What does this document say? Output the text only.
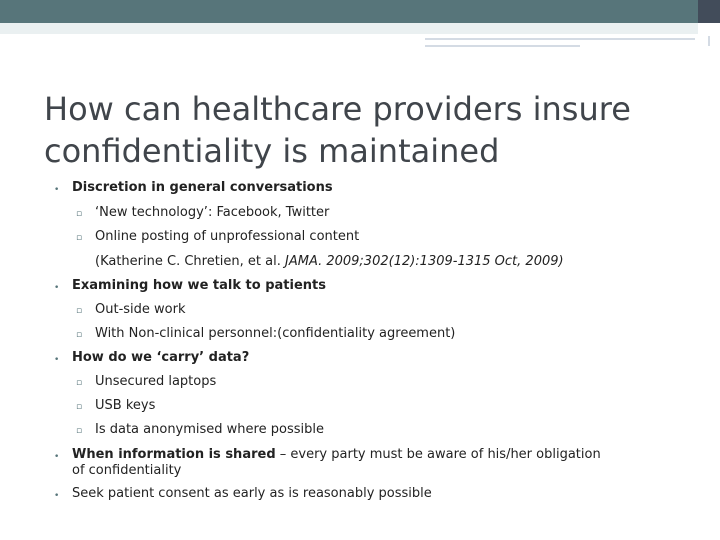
How can healthcare providers insure confidentiality is maintained
• Discretion in general conversations
▫ ‘New technology’: Facebook, Twitter
▫ Online posting of unprofessional content
(Katherine C. Chretien, et al. JAMA. 2009;302(12):1309-1315 Oct, 2009)
• Examining how we talk to patients
▫ Out-side work
▫ With Non-clinical personnel:(confidentiality agreement)
• How do we ‘carry’ data?
▫ Unsecured laptops
▫ USB keys
▫ Is data anonymised where possible
• When information is shared – every party must be aware of his/her obligation of confidentiality
• Seek patient consent as early as is reasonably possible
